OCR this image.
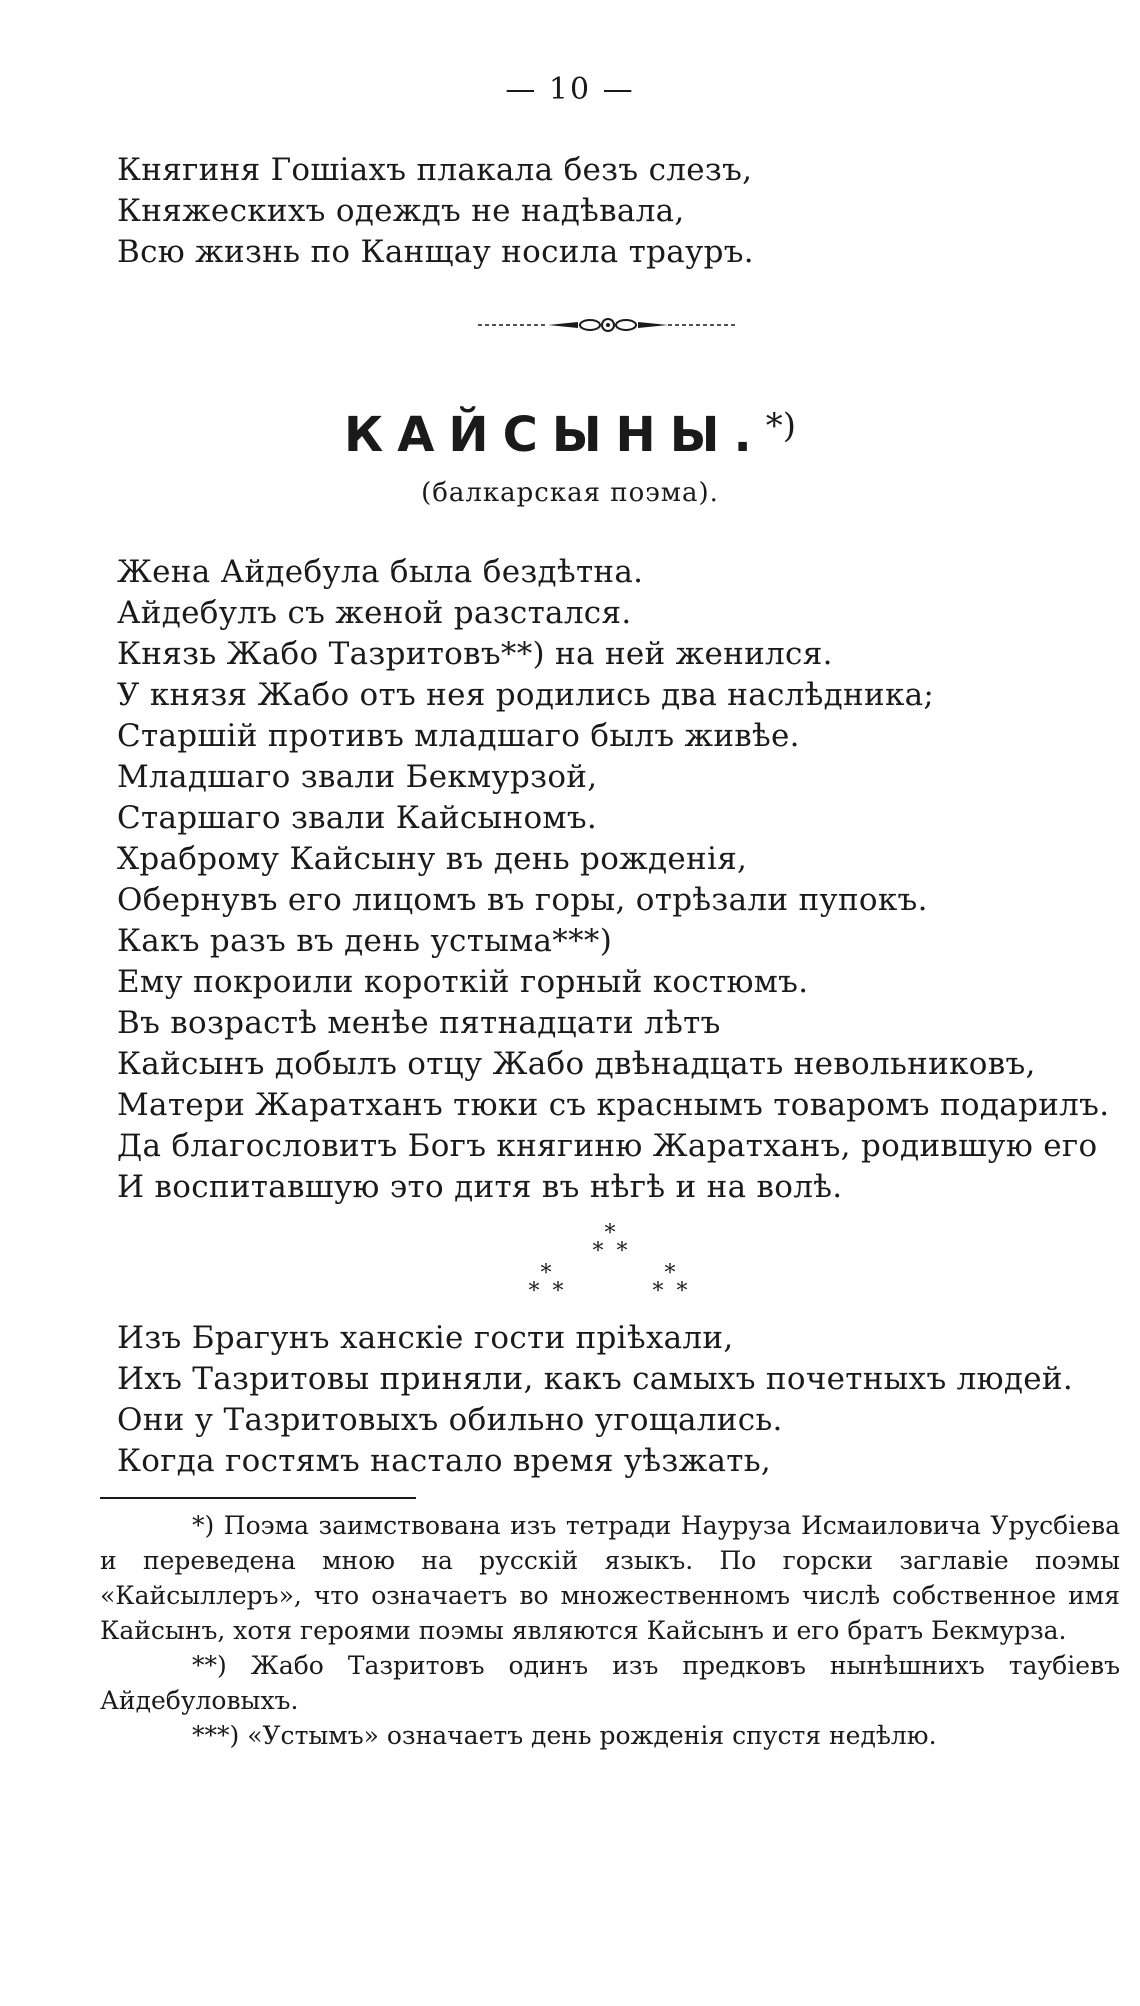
— 10 —
Княгиня Гошіахъ плакала безъ слезъ,
Княжескихъ одеждъ не надѣвала,
Всю жизнь по Канщау носила трауръ.
КАЙСЫНЫ.*)
(балкарская поэма).
Жена Айдебула была бездѣтна.
Айдебулъ съ женой разстался.
Князь Жабо Тазритовъ**) на ней женился.
У князя Жабо отъ нея родились два наслѣдника;
Старшій противъ младшаго былъ живѣе.
Младшаго звали Бекмурзой,
Старшаго звали Кайсыномъ.
Храброму Кайсыну въ день рожденія,
Обернувъ его лицомъ въ горы, отрѣзали пупокъ.
Какъ разъ въ день устыма***)
Ему покроили короткій горный костюмъ.
Въ возрастѣ менѣе пятнадцати лѣтъ
Кайсынъ добылъ отцу Жабо двѣнадцать невольниковъ,
Матери Жаратханъ тюки съ краснымъ товаромъ подарилъ.
Да благословитъ Богъ княгиню Жаратханъ, родившую его
И воспитавшую это дитя въ нѣгѣ и на волѣ.
*
* *
*
* *
*
* *
Изъ Брагунъ ханскіе гости пріѣхали,
Ихъ Тазритовы приняли, какъ самыхъ почетныхъ людей.
Они у Тазритовыхъ обильно угощались.
Когда гостямъ настало время уѣзжать,

*) Поэма заимствована изъ тетради Науруза Исмаиловича Урусбіева и переведена мною на русскій языкъ. По горски заглавіе поэмы «Кайсыллеръ», что означаетъ во множественномъ числѣ собственное имя Кайсынъ, хотя героями поэмы являются Кайсынъ и его братъ Бекмурза.

**) Жабо Тазритовъ одинъ изъ предковъ нынѣшнихъ таубіевъ Айдебуловыхъ.

***) «Устымъ» означаетъ день рожденія спустя недѣлю.
